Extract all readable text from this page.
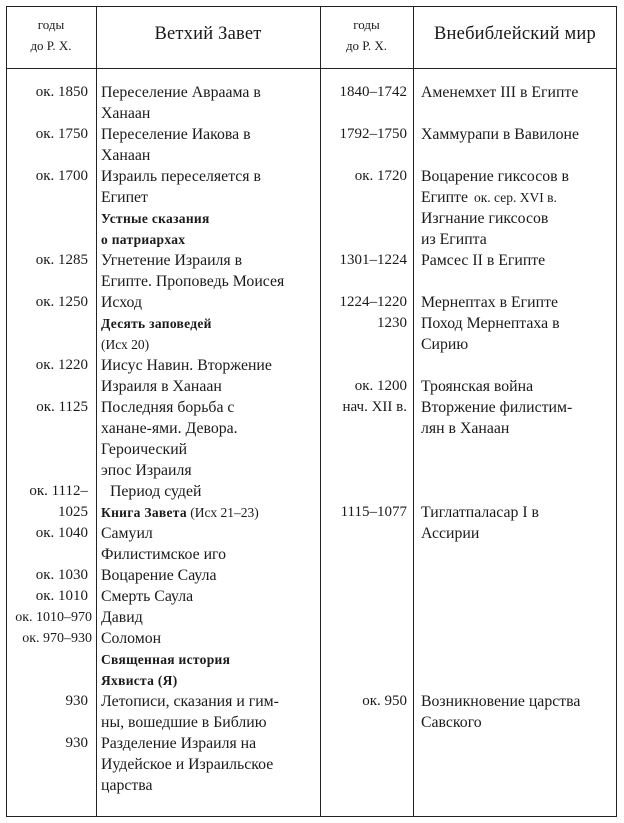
годы
до Р. Х.
Ветхий Завет	годы
до Р. Х.
Внебиблейский мир
ок. 1850
ок. 1750
ок. 1700
ок. 1285
ок. 1250
ок. 1220
ок. 1125
ок. 1112–
1025
ок. 1040
ок. 1030
ок. 1010
ок. 1010–970
ок. 970–930
930
930
Переселение Авраама в
Ханаан
Переселение Иакова в
Ханаан
Израиль переселяется в
Египет
Устные сказания
о патриархах
Угнетение Израиля в
Египте. Проповедь Моисея
Исход
Десять заповедей
(Исх 20)
Иисус Навин. Вторжение
Израиля в Ханаан
Последняя борьба с
ханане-ями. Девора.
Героический
эпос Израиля
Период судей
Книга Завета (Исх 21–23)
Самуил
Филистимское иго
Воцарение Саула
Смерть Саула
Давид
Соломон
Священная история
Яхвиста (Я)
Летописи, сказания и гим-
ны, вошедшие в Библию
Разделение Израиля на
Иудейское и Израильское
царства
1840–1742
1792–1750
ок. 1720
1301–1224
1224–1220
1230
ок. 1200
нач. XII в.
1115–1077
ок. 950
Аменемхет III в Египте
Хаммурапи в Вавилоне
Воцарение гиксосов в
Египте ок. сер. XVI в.
Изгнание гиксосов
из Египта
Рамсес II в Египте
Мернептах в Египте
Поход Мернептаха в
Сирию
Троянская война
Вторжение филистим-
лян в Ханаан
Тиглатпаласар I в
Ассирии
Возникновение царства
Савского
